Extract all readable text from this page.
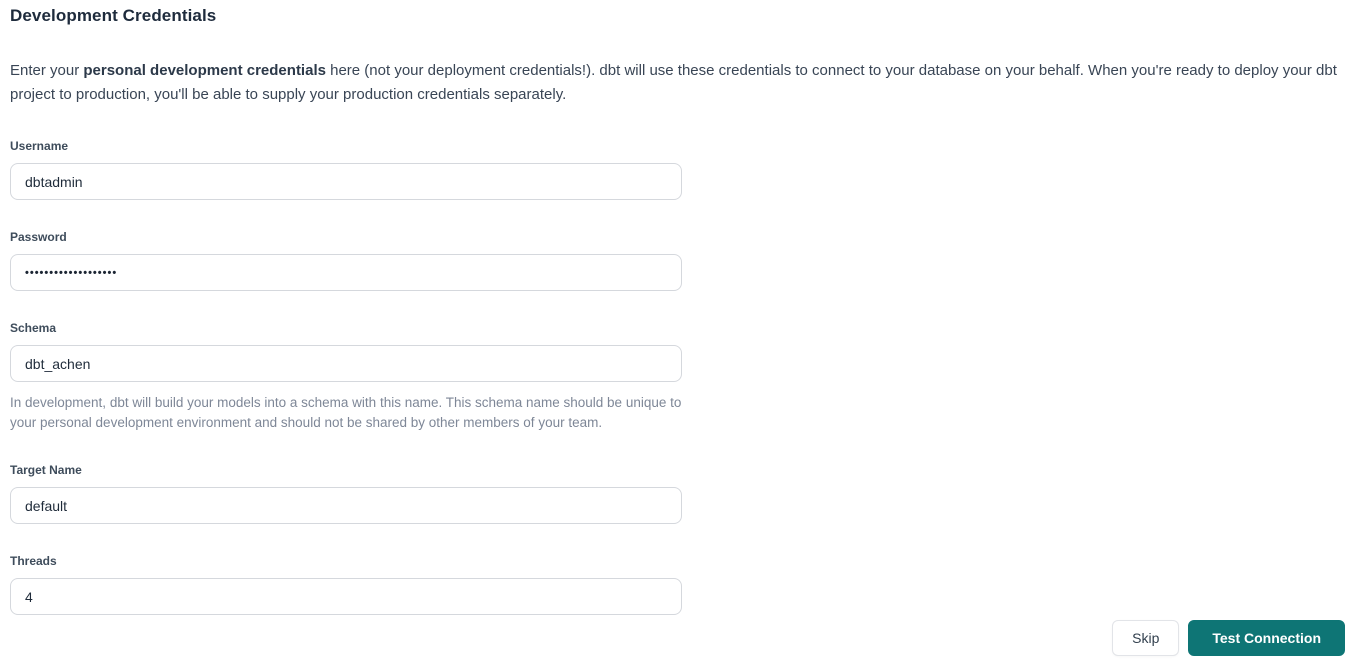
Development Credentials

Enter your personal development credentials here (not your deployment credentials!). dbt will use these credentials to connect to your database on your behalf. When you're ready to deploy your dbt project to production, you'll be able to supply your production credentials separately.

Username
dbtadmin
Password
•••••••••••••••••••
Schema
dbt_achen

In development, dbt will build your models into a schema with this name. This schema name should be unique to your personal development environment and should not be shared by other members of your team.

Target Name
default
Threads
4
Skip	Test Connection
